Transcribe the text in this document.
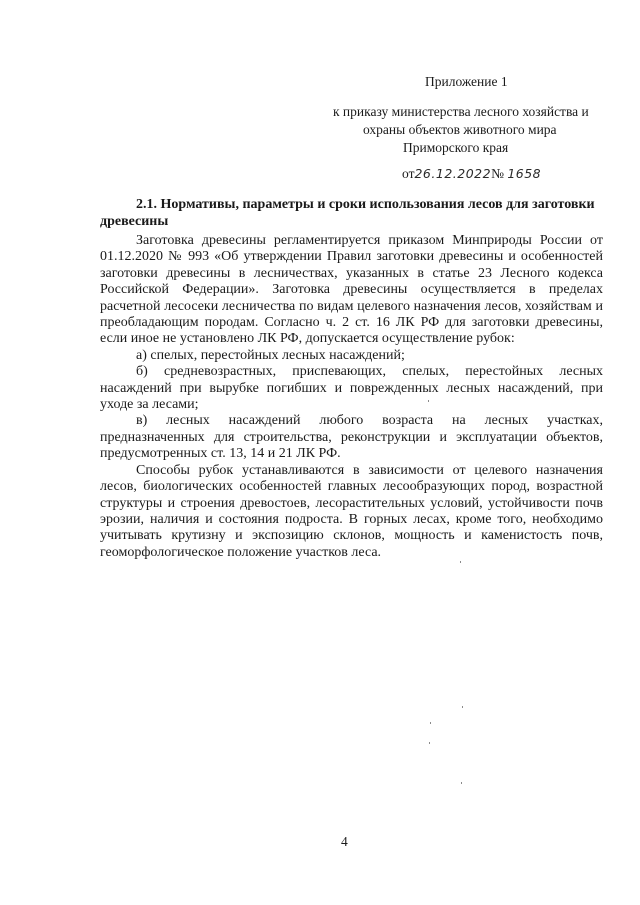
Приложение 1
к приказу министерства лесного хозяйства и
охраны объектов животного мира
Приморского края
от26.12.2022№ 1658
2.1. Нормативы, параметры и сроки использования лесов для заготовки древесины

Заготовка древесины регламентируется приказом Минприроды России от 01.12.2020 № 993 «Об утверждении Правил заготовки древесины и особенностей заготовки древесины в лесничествах, указанных в статье 23 Лесного кодекса Российской Федерации». Заготовка древесины осуществляется в пределах расчетной лесосеки лесничества по видам целевого назначения лесов, хозяйствам и преобладающим породам. Согласно ч. 2 ст. 16 ЛК РФ для заготовки древесины, если иное не установлено ЛК РФ, допускается осуществление рубок:

а) спелых, перестойных лесных насаждений;

б) средневозрастных, приспевающих, спелых, перестойных лесных насаждений при вырубке погибших и поврежденных лесных насаждений, при уходе за лесами;

в) лесных насаждений любого возраста на лесных участках, предназначенных для строительства, реконструкции и эксплуатации объектов, предусмотренных ст. 13, 14 и 21 ЛК РФ.

Способы рубок устанавливаются в зависимости от целевого назначения лесов, биологических особенностей главных лесообразующих пород, возрастной структуры и строения древостоев, лесорастительных условий, устойчивости почв эрозии, наличия и состояния подроста. В горных лесах, кроме того, необходимо учитывать крутизну и экспозицию склонов, мощность и каменистость почв, геоморфологическое положение участков леса.

4
